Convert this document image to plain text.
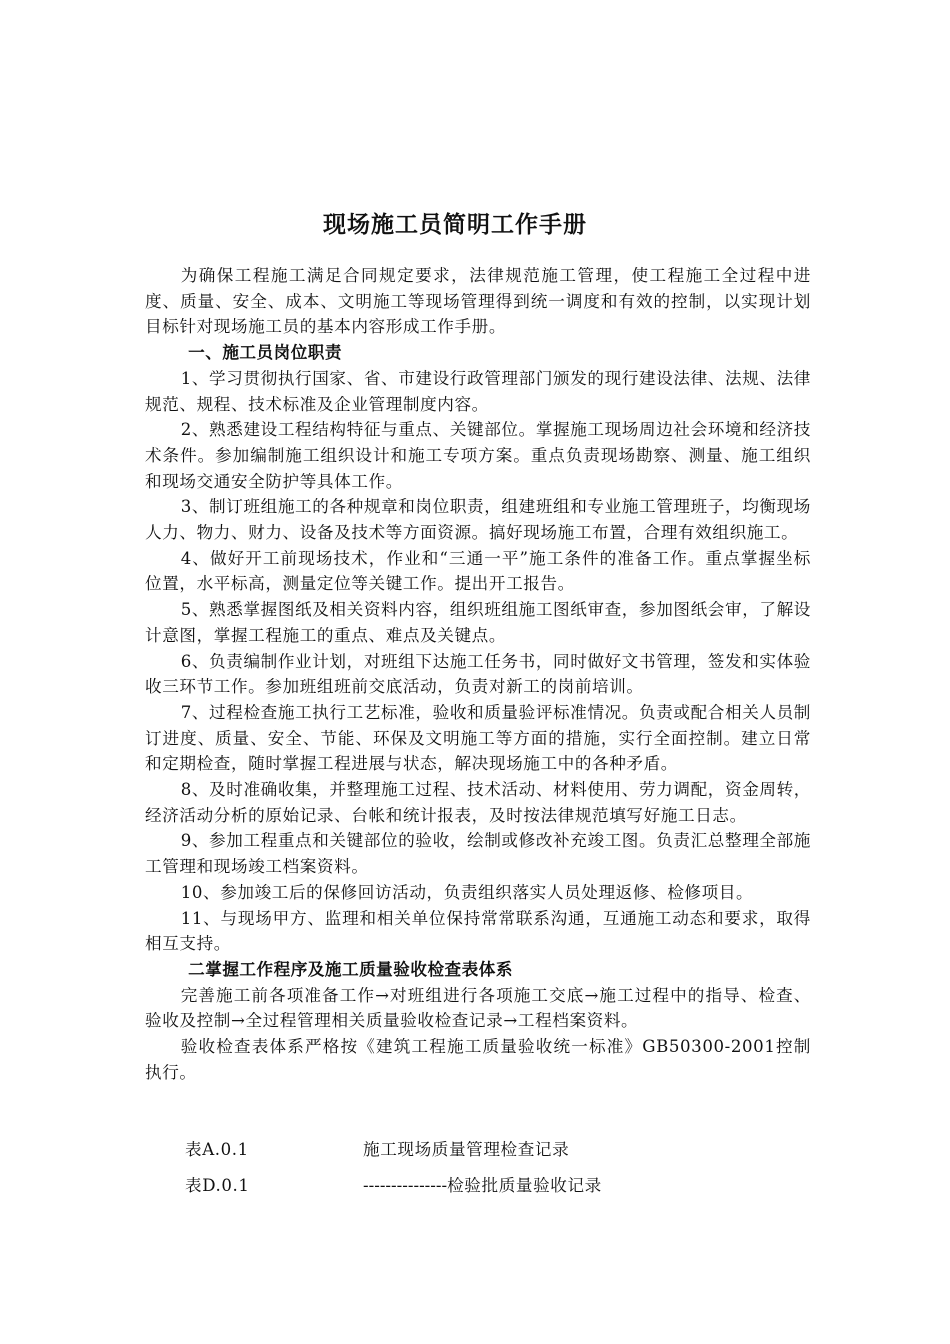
现场施工员简明工作手册

为确保工程施工满足合同规定要求，法律规范施工管理，使工程施工全过程中进度、质量、安全、成本、文明施工等现场管理得到统一调度和有效的控制，以实现计划目标针对现场施工员的基本内容形成工作手册。

一、施工员岗位职责

1、学习贯彻执行国家、省、市建设行政管理部门颁发的现行建设法律、法规、法律规范、规程、技术标准及企业管理制度内容。

2、熟悉建设工程结构特征与重点、关键部位。掌握施工现场周边社会环境和经济技术条件。参加编制施工组织设计和施工专项方案。重点负责现场勘察、测量、施工组织和现场交通安全防护等具体工作。

3、制订班组施工的各种规章和岗位职责，组建班组和专业施工管理班子，均衡现场人力、物力、财力、设备及技术等方面资源。搞好现场施工布置，合理有效组织施工。

4、做好开工前现场技术，作业和“三通一平”施工条件的准备工作。重点掌握坐标位置，水平标高，测量定位等关键工作。提出开工报告。

5、熟悉掌握图纸及相关资料内容，组织班组施工图纸审查，参加图纸会审，了解设计意图，掌握工程施工的重点、难点及关键点。

6、负责编制作业计划，对班组下达施工任务书，同时做好文书管理，签发和实体验收三环节工作。参加班组班前交底活动，负责对新工的岗前培训。

7、过程检查施工执行工艺标准，验收和质量验评标准情况。负责或配合相关人员制订进度、质量、安全、节能、环保及文明施工等方面的措施，实行全面控制。建立日常和定期检查，随时掌握工程进展与状态，解决现场施工中的各种矛盾。

8、及时准确收集，并整理施工过程、技术活动、材料使用、劳力调配，资金周转，经济活动分析的原始记录、台帐和统计报表，及时按法律规范填写好施工日志。

9、参加工程重点和关键部位的验收，绘制或修改补充竣工图。负责汇总整理全部施工管理和现场竣工档案资料。

10、参加竣工后的保修回访活动，负责组织落实人员处理返修、检修项目。

11、与现场甲方、监理和相关单位保持常常联系沟通，互通施工动态和要求，取得相互支持。

二掌握工作程序及施工质量验收检查表体系

完善施工前各项准备工作→对班组进行各项施工交底→施工过程中的指导、检查、验收及控制→全过程管理相关质量验收检查记录→工程档案资料。

验收检查表体系严格按《建筑工程施工质量验收统一标准》GB50300-2001控制执行。

表A.0.1	施工现场质量管理检查记录
表D.0.1	---------------检验批质量验收记录
